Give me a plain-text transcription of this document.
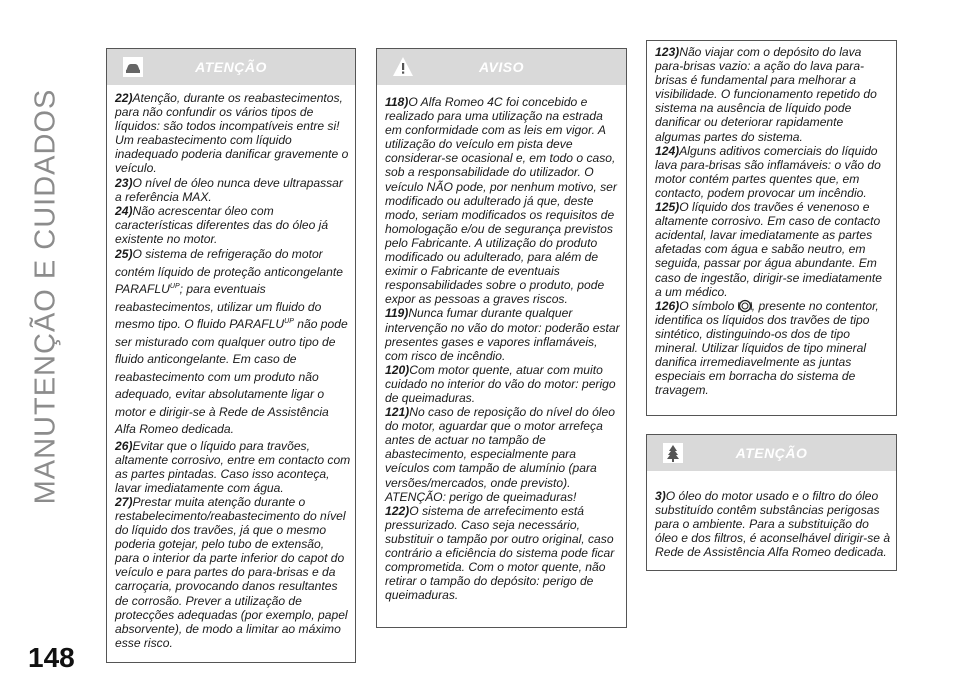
MANUTENÇÃO E CUIDADOS
148
ATENÇÃO

22)Atenção, durante os reabastecimentos, para não confundir os vários tipos de líquidos: são todos incompatíveis entre si! Um reabastecimento com líquido inadequado poderia danificar gravemente o veículo.

23)O nível de óleo nunca deve ultrapassar a referência MAX.

24)Não acrescentar óleo com características diferentes das do óleo já existente no motor.

25)O sistema de refrigeração do motor contém líquido de proteção anticongelante $PARAFLU^{UP}$; para eventuais reabastecimentos, utilizar um fluido do mesmo tipo. O fluido $PARAFLU^{UP}$ não pode ser misturado com qualquer outro tipo de fluido anticongelante. Em caso de reabastecimento com um produto não adequado, evitar absolutamente ligar o motor e dirigir-se à Rede de Assistência Alfa Romeo dedicada.

26)Evitar que o líquido para travões, altamente corrosivo, entre em contacto com as partes pintadas. Caso isso aconteça, lavar imediatamente com água.

27)Prestar muita atenção durante o restabelecimento/reabastecimento do nível do líquido dos travões, já que o mesmo poderia gotejar, pelo tubo de extensão, para o interior da parte inferior do capot do veículo e para partes do para-brisas e da carroçaria, provocando danos resultantes de corrosão. Prever a utilização de protecções adequadas (por exemplo, papel absorvente), de modo a limitar ao máximo esse risco.

AVISO

118)O Alfa Romeo 4C foi concebido e realizado para uma utilização na estrada em conformidade com as leis em vigor. A utilização do veículo em pista deve considerar-se ocasional e, em todo o caso, sob a responsabilidade do utilizador. O veículo NÃO pode, por nenhum motivo, ser modificado ou adulterado já que, deste modo, seriam modificados os requisitos de homologação e/ou de segurança previstos pelo Fabricante. A utilização do produto modificado ou adulterado, para além de eximir o Fabricante de eventuais responsabilidades sobre o produto, pode expor as pessoas a graves riscos.

119)Nunca fumar durante qualquer intervenção no vão do motor: poderão estar presentes gases e vapores inflamáveis, com risco de incêndio.

120)Com motor quente, atuar com muito cuidado no interior do vão do motor: perigo de queimaduras.

121)No caso de reposição do nível do óleo do motor, aguardar que o motor arrefeça antes de actuar no tampão de abastecimento, especialmente para veículos com tampão de alumínio (para versões/mercados, onde previsto). ATENÇÃO: perigo de queimaduras!

122)O sistema de arrefecimento está pressurizado. Caso seja necessário, substituir o tampão por outro original, caso contrário a eficiência do sistema pode ficar comprometida. Com o motor quente, não retirar o tampão do depósito: perigo de queimaduras.

123)Não viajar com o depósito do lava para-brisas vazio: a ação do lava para-brisas é fundamental para melhorar a visibilidade. O funcionamento repetido do sistema na ausência de líquido pode danificar ou deteriorar rapidamente algumas partes do sistema.

124)Alguns aditivos comerciais do líquido lava para-brisas são inflamáveis: o vão do motor contém partes quentes que, em contacto, podem provocar um incêndio.

125)O líquido dos travões é venenoso e altamente corrosivo. Em caso de contacto acidental, lavar imediatamente as partes afetadas com água e sabão neutro, em seguida, passar por água abundante. Em caso de ingestão, dirigir-se imediatamente a um médico.

126)O símbolo , presente no contentor, identifica os líquidos dos travões de tipo sintético, distinguindo-os dos de tipo mineral. Utilizar líquidos de tipo mineral danifica irremediavelmente as juntas especiais em borracha do sistema de travagem.

ATENÇÃO

3)O óleo do motor usado e o filtro do óleo substituído contêm substâncias perigosas para o ambiente. Para a substituição do óleo e dos filtros, é aconselhável dirigir-se à Rede de Assistência Alfa Romeo dedicada.
